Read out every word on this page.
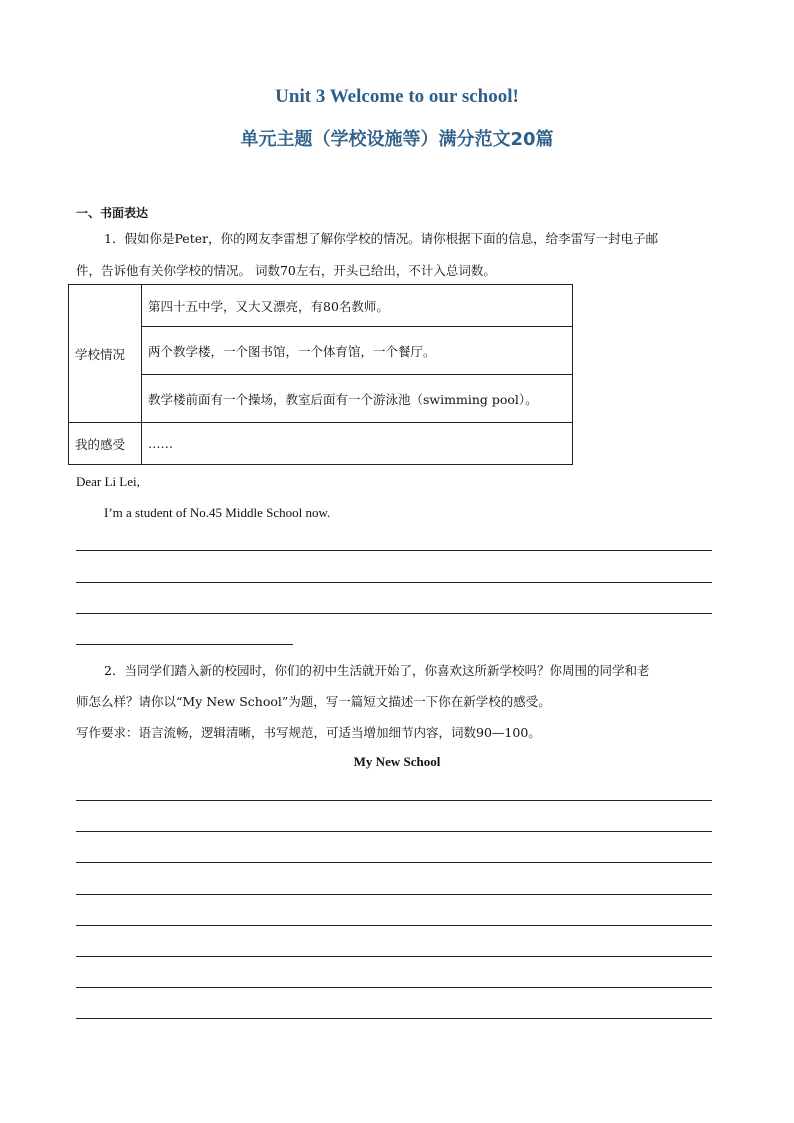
Unit 3 Welcome to our school!
单元主题（学校设施等）满分范文20篇
一、书面表达
1．假如你是Peter，你的网友李雷想了解你学校的情况。请你根据下面的信息，给李雷写一封电子邮
件，告诉他有关你学校的情况。 词数70左右，开头已给出，不计入总词数。
学校情况	第四十五中学，又大又漂亮，有80名教师。
	两个教学楼，一个图书馆，一个体育馆，一个餐厅。
	教学楼前面有一个操场，教室后面有一个游泳池（swimming pool）。
我的感受	……
Dear Li Lei,
I’m a student of No.45 Middle School now.
2．当同学们踏入新的校园时，你们的初中生活就开始了，你喜欢这所新学校吗？你周围的同学和老
师怎么样？请你以“My New School”为题，写一篇短文描述一下你在新学校的感受。
写作要求：语言流畅，逻辑清晰，书写规范，可适当增加细节内容，词数90—100。
My New School
